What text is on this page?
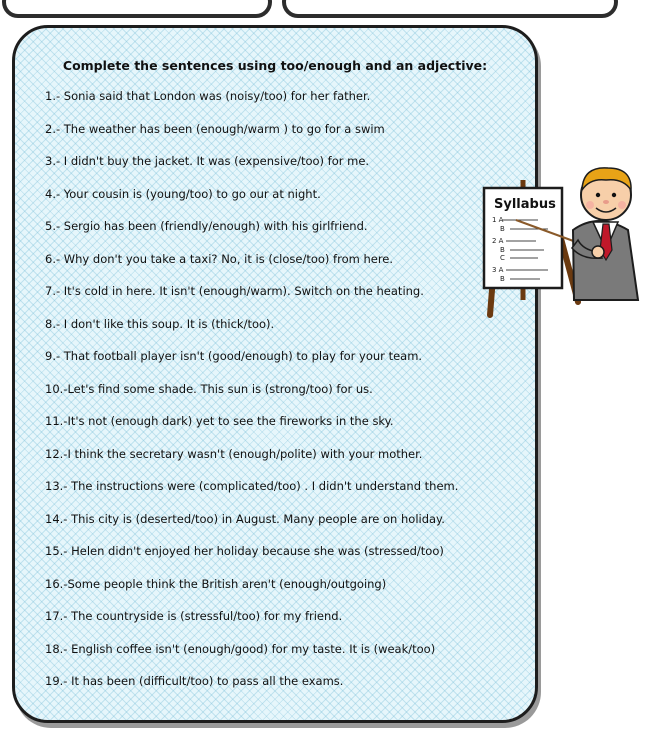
Complete the sentences using too/enough and an adjective:
1.- Sonia said that London was (noisy/too) for her father.
2.- The weather has been (enough/warm ) to go for a swim
3.- I didn't buy the jacket. It was (expensive/too) for me.
4.- Your cousin is (young/too) to go our at night.
5.- Sergio has been (friendly/enough) with his girlfriend.
6.- Why don't you take a taxi? No, it is (close/too) from here.
7.- It's cold in here. It isn't (enough/warm). Switch on the heating.
8.- I don't like this soup. It is (thick/too).
9.- That football player isn't (good/enough) to play for your team.
10.-Let's find some shade. This sun is (strong/too) for us.
11.-It's not (enough dark) yet to see the fireworks in the sky.
12.-I think the secretary wasn't (enough/polite) with your mother.
13.- The instructions were (complicated/too) . I didn't understand them.
14.- This city is (deserted/too) in August. Many people are on holiday.
15.- Helen didn't enjoyed her holiday because she was (stressed/too)
16.-Some people think the British aren't (enough/outgoing)
17.- The countryside is (stressful/too) for my friend.
18.- English coffee isn't (enough/good) for my taste. It is (weak/too)
19.- It has been (difficult/too) to pass all the exams.
Syllabus
1 A
B
2 A
B
C
3 A
B
